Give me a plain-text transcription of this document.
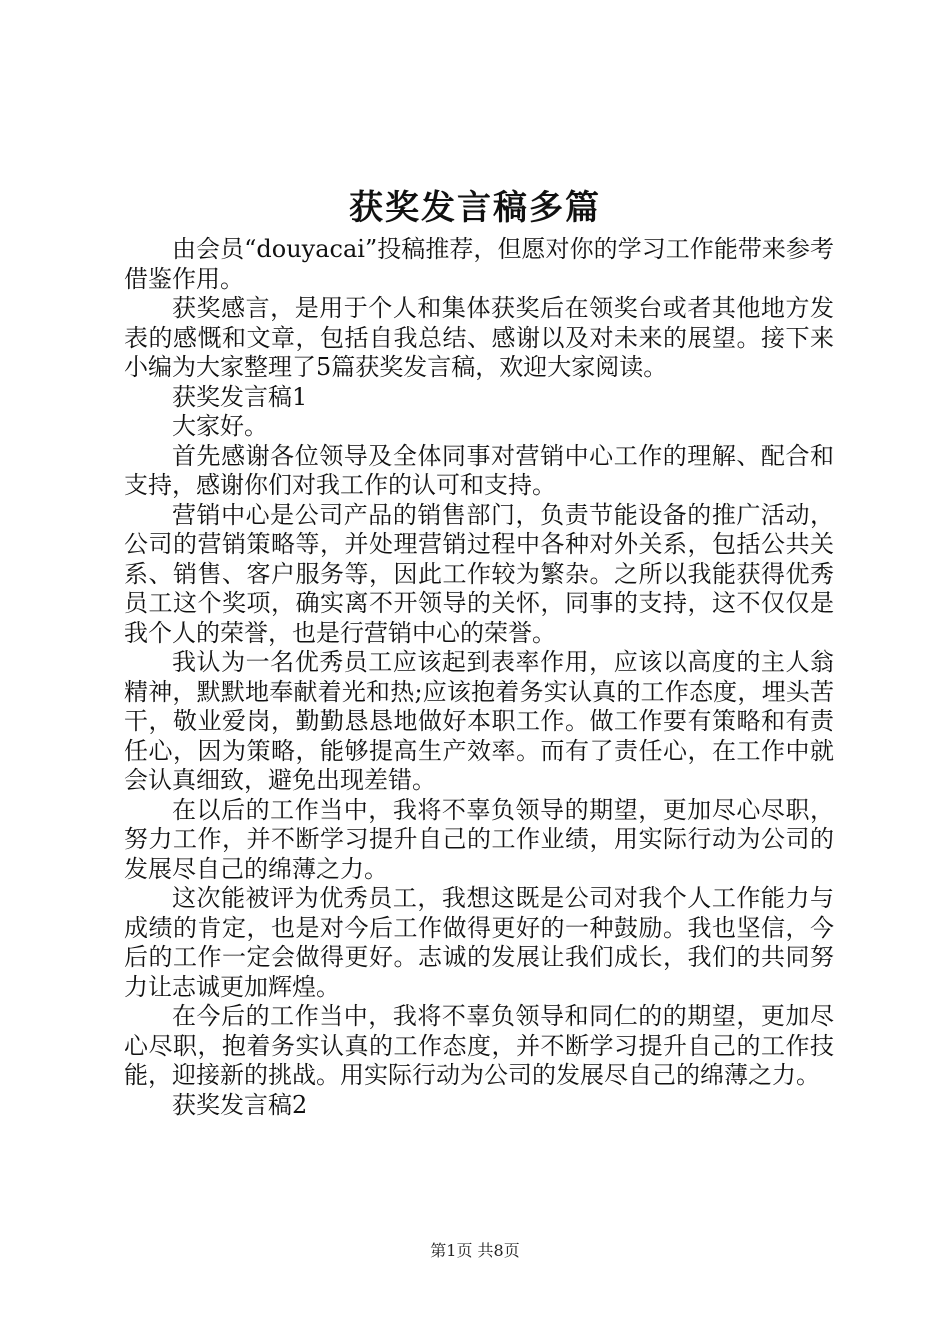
获奖发言稿多篇

由会员“douyacai”投稿推荐，但愿对你的学习工作能带来参考借鉴作用。

获奖感言，是用于个人和集体获奖后在领奖台或者其他地方发表的感慨和文章，包括自我总结、感谢以及对未来的展望。接下来小编为大家整理了5篇获奖发言稿，欢迎大家阅读。

获奖发言稿1

大家好。

首先感谢各位领导及全体同事对营销中心工作的理解、配合和支持，感谢你们对我工作的认可和支持。

营销中心是公司产品的销售部门，负责节能设备的推广活动，公司的营销策略等，并处理营销过程中各种对外关系，包括公共关系、销售、客户服务等，因此工作较为繁杂。之所以我能获得优秀员工这个奖项，确实离不开领导的关怀，同事的支持，这不仅仅是我个人的荣誉，也是行营销中心的荣誉。

我认为一名优秀员工应该起到表率作用，应该以高度的主人翁精神，默默地奉献着光和热;应该抱着务实认真的工作态度，埋头苦干，敬业爱岗，勤勤恳恳地做好本职工作。做工作要有策略和有责任心，因为策略，能够提高生产效率。而有了责任心，在工作中就会认真细致，避免出现差错。

在以后的工作当中，我将不辜负领导的期望，更加尽心尽职，努力工作，并不断学习提升自己的工作业绩，用实际行动为公司的发展尽自己的绵薄之力。

这次能被评为优秀员工，我想这既是公司对我个人工作能力与成绩的肯定，也是对今后工作做得更好的一种鼓励。我也坚信，今后的工作一定会做得更好。志诚的发展让我们成长，我们的共同努力让志诚更加辉煌。

在今后的工作当中，我将不辜负领导和同仁的的期望，更加尽心尽职，抱着务实认真的工作态度，并不断学习提升自己的工作技能，迎接新的挑战。用实际行动为公司的发展尽自己的绵薄之力。

获奖发言稿2

第1页 共8页
